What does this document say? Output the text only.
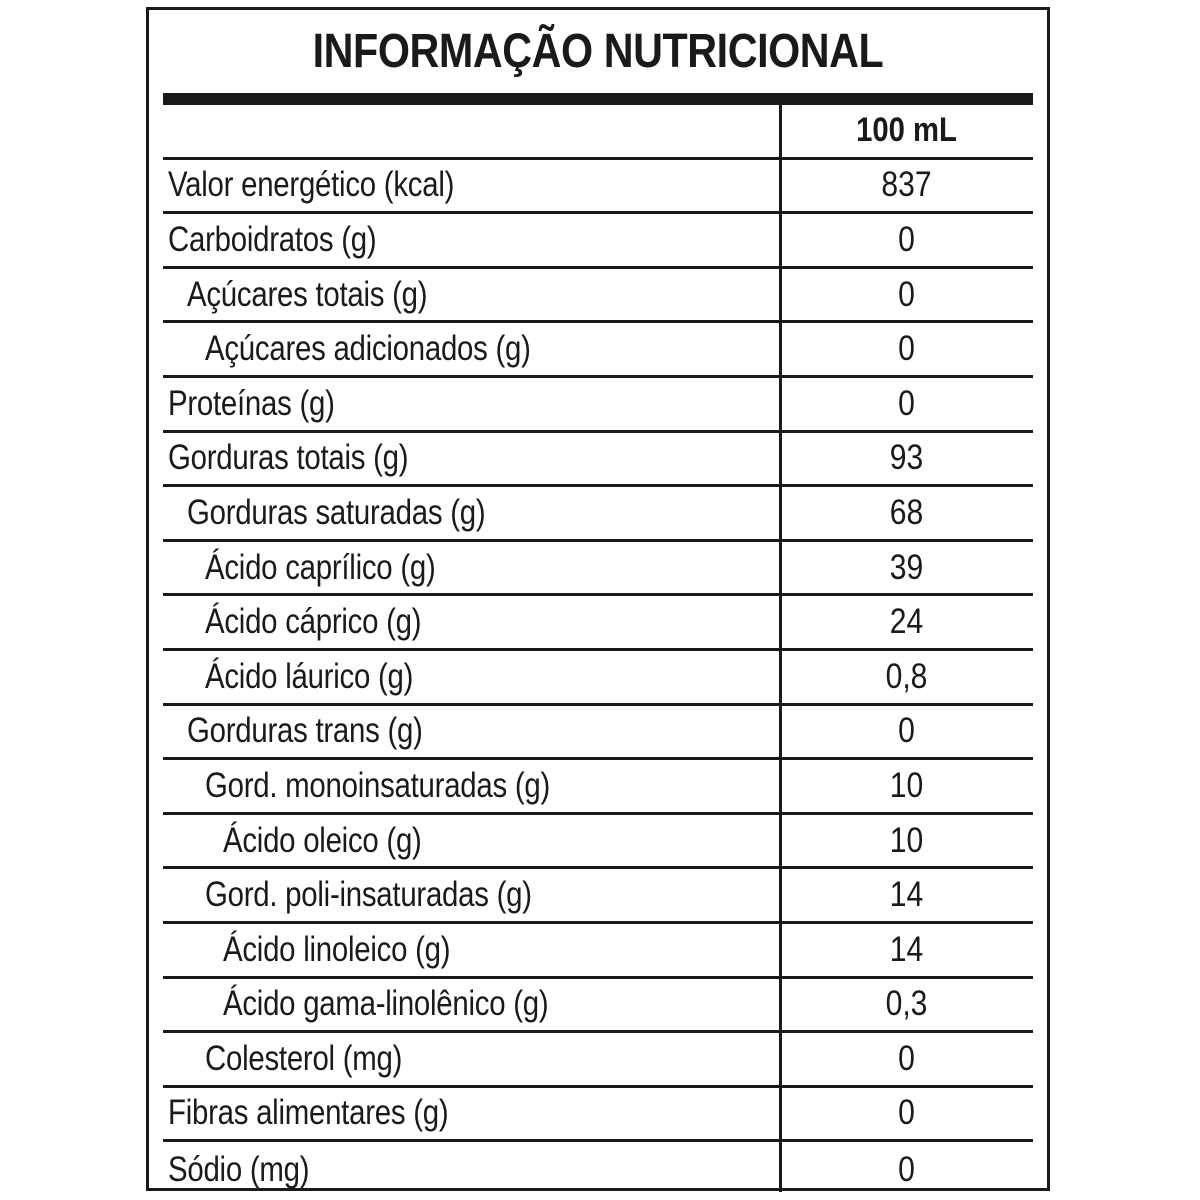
INFORMAÇÃO NUTRICIONAL
100 mL
Valor energético (kcal)	837
Carboidratos (g)	0
Açúcares totais (g)	0
Açúcares adicionados (g)	0
Proteínas (g)	0
Gorduras totais (g)	93
Gorduras saturadas (g)	68
Ácido caprílico (g)	39
Ácido cáprico (g)	24
Ácido láurico (g)	0,8
Gorduras trans (g)	0
Gord. monoinsaturadas (g)	10
Ácido oleico (g)	10
Gord. poli-insaturadas (g)	14
Ácido linoleico (g)	14
Ácido gama-linolênico (g)	0,3
Colesterol (mg)	0
Fibras alimentares (g)	0
Sódio (mg)	0
